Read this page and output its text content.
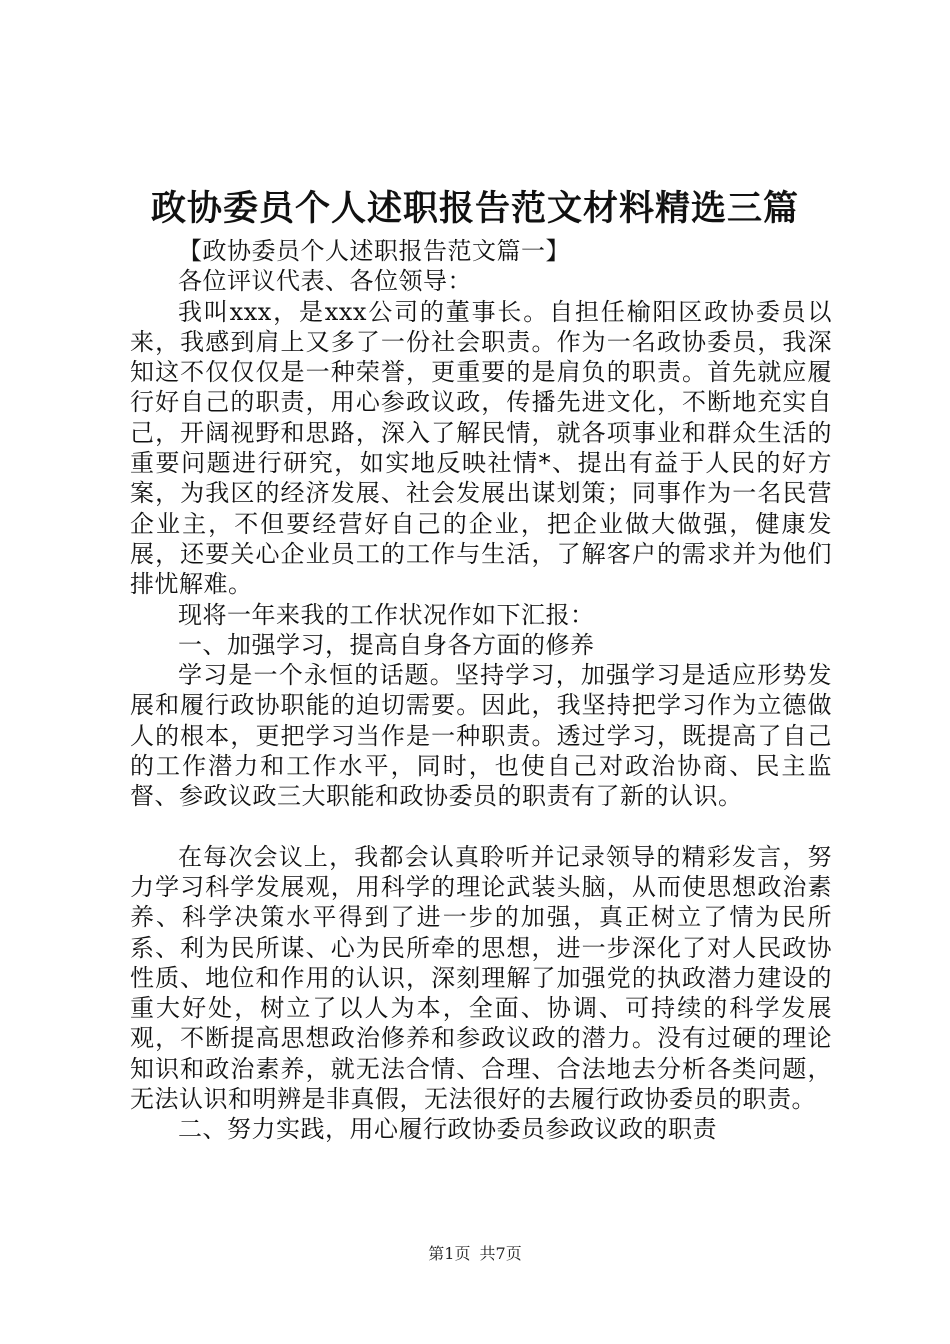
政协委员个人述职报告范文材料精选三篇

【政协委员个人述职报告范文篇一】

各位评议代表、各位领导：

我叫xxx，是xxx公司的董事长。自担任榆阳区政协委员以来，我感到肩上又多了一份社会职责。作为一名政协委员，我深知这不仅仅仅是一种荣誉，更重要的是肩负的职责。首先就应履行好自己的职责，用心参政议政，传播先进文化，不断地充实自己，开阔视野和思路，深入了解民情，就各项事业和群众生活的重要问题进行研究，如实地反映社情*、提出有益于人民的好方案，为我区的经济发展、社会发展出谋划策；同事作为一名民营企业主，不但要经营好自己的企业，把企业做大做强，健康发展，还要关心企业员工的工作与生活，了解客户的需求并为他们排忧解难。

现将一年来我的工作状况作如下汇报：

一、加强学习，提高自身各方面的修养

学习是一个永恒的话题。坚持学习，加强学习是适应形势发展和履行政协职能的迫切需要。因此，我坚持把学习作为立德做人的根本，更把学习当作是一种职责。透过学习，既提高了自己的工作潜力和工作水平，同时，也使自己对政治协商、民主监督、参政议政三大职能和政协委员的职责有了新的认识。

在每次会议上，我都会认真聆听并记录领导的精彩发言，努力学习科学发展观，用科学的理论武装头脑，从而使思想政治素养、科学决策水平得到了进一步的加强，真正树立了情为民所系、利为民所谋、心为民所牵的思想，进一步深化了对人民政协性质、地位和作用的认识，深刻理解了加强党的执政潜力建设的重大好处，树立了以人为本，全面、协调、可持续的科学发展观，不断提高思想政治修养和参政议政的潜力。没有过硬的理论知识和政治素养，就无法合情、合理、合法地去分析各类问题，无法认识和明辨是非真假，无法很好的去履行政协委员的职责。

二、努力实践，用心履行政协委员参政议政的职责

第1页 共7页
